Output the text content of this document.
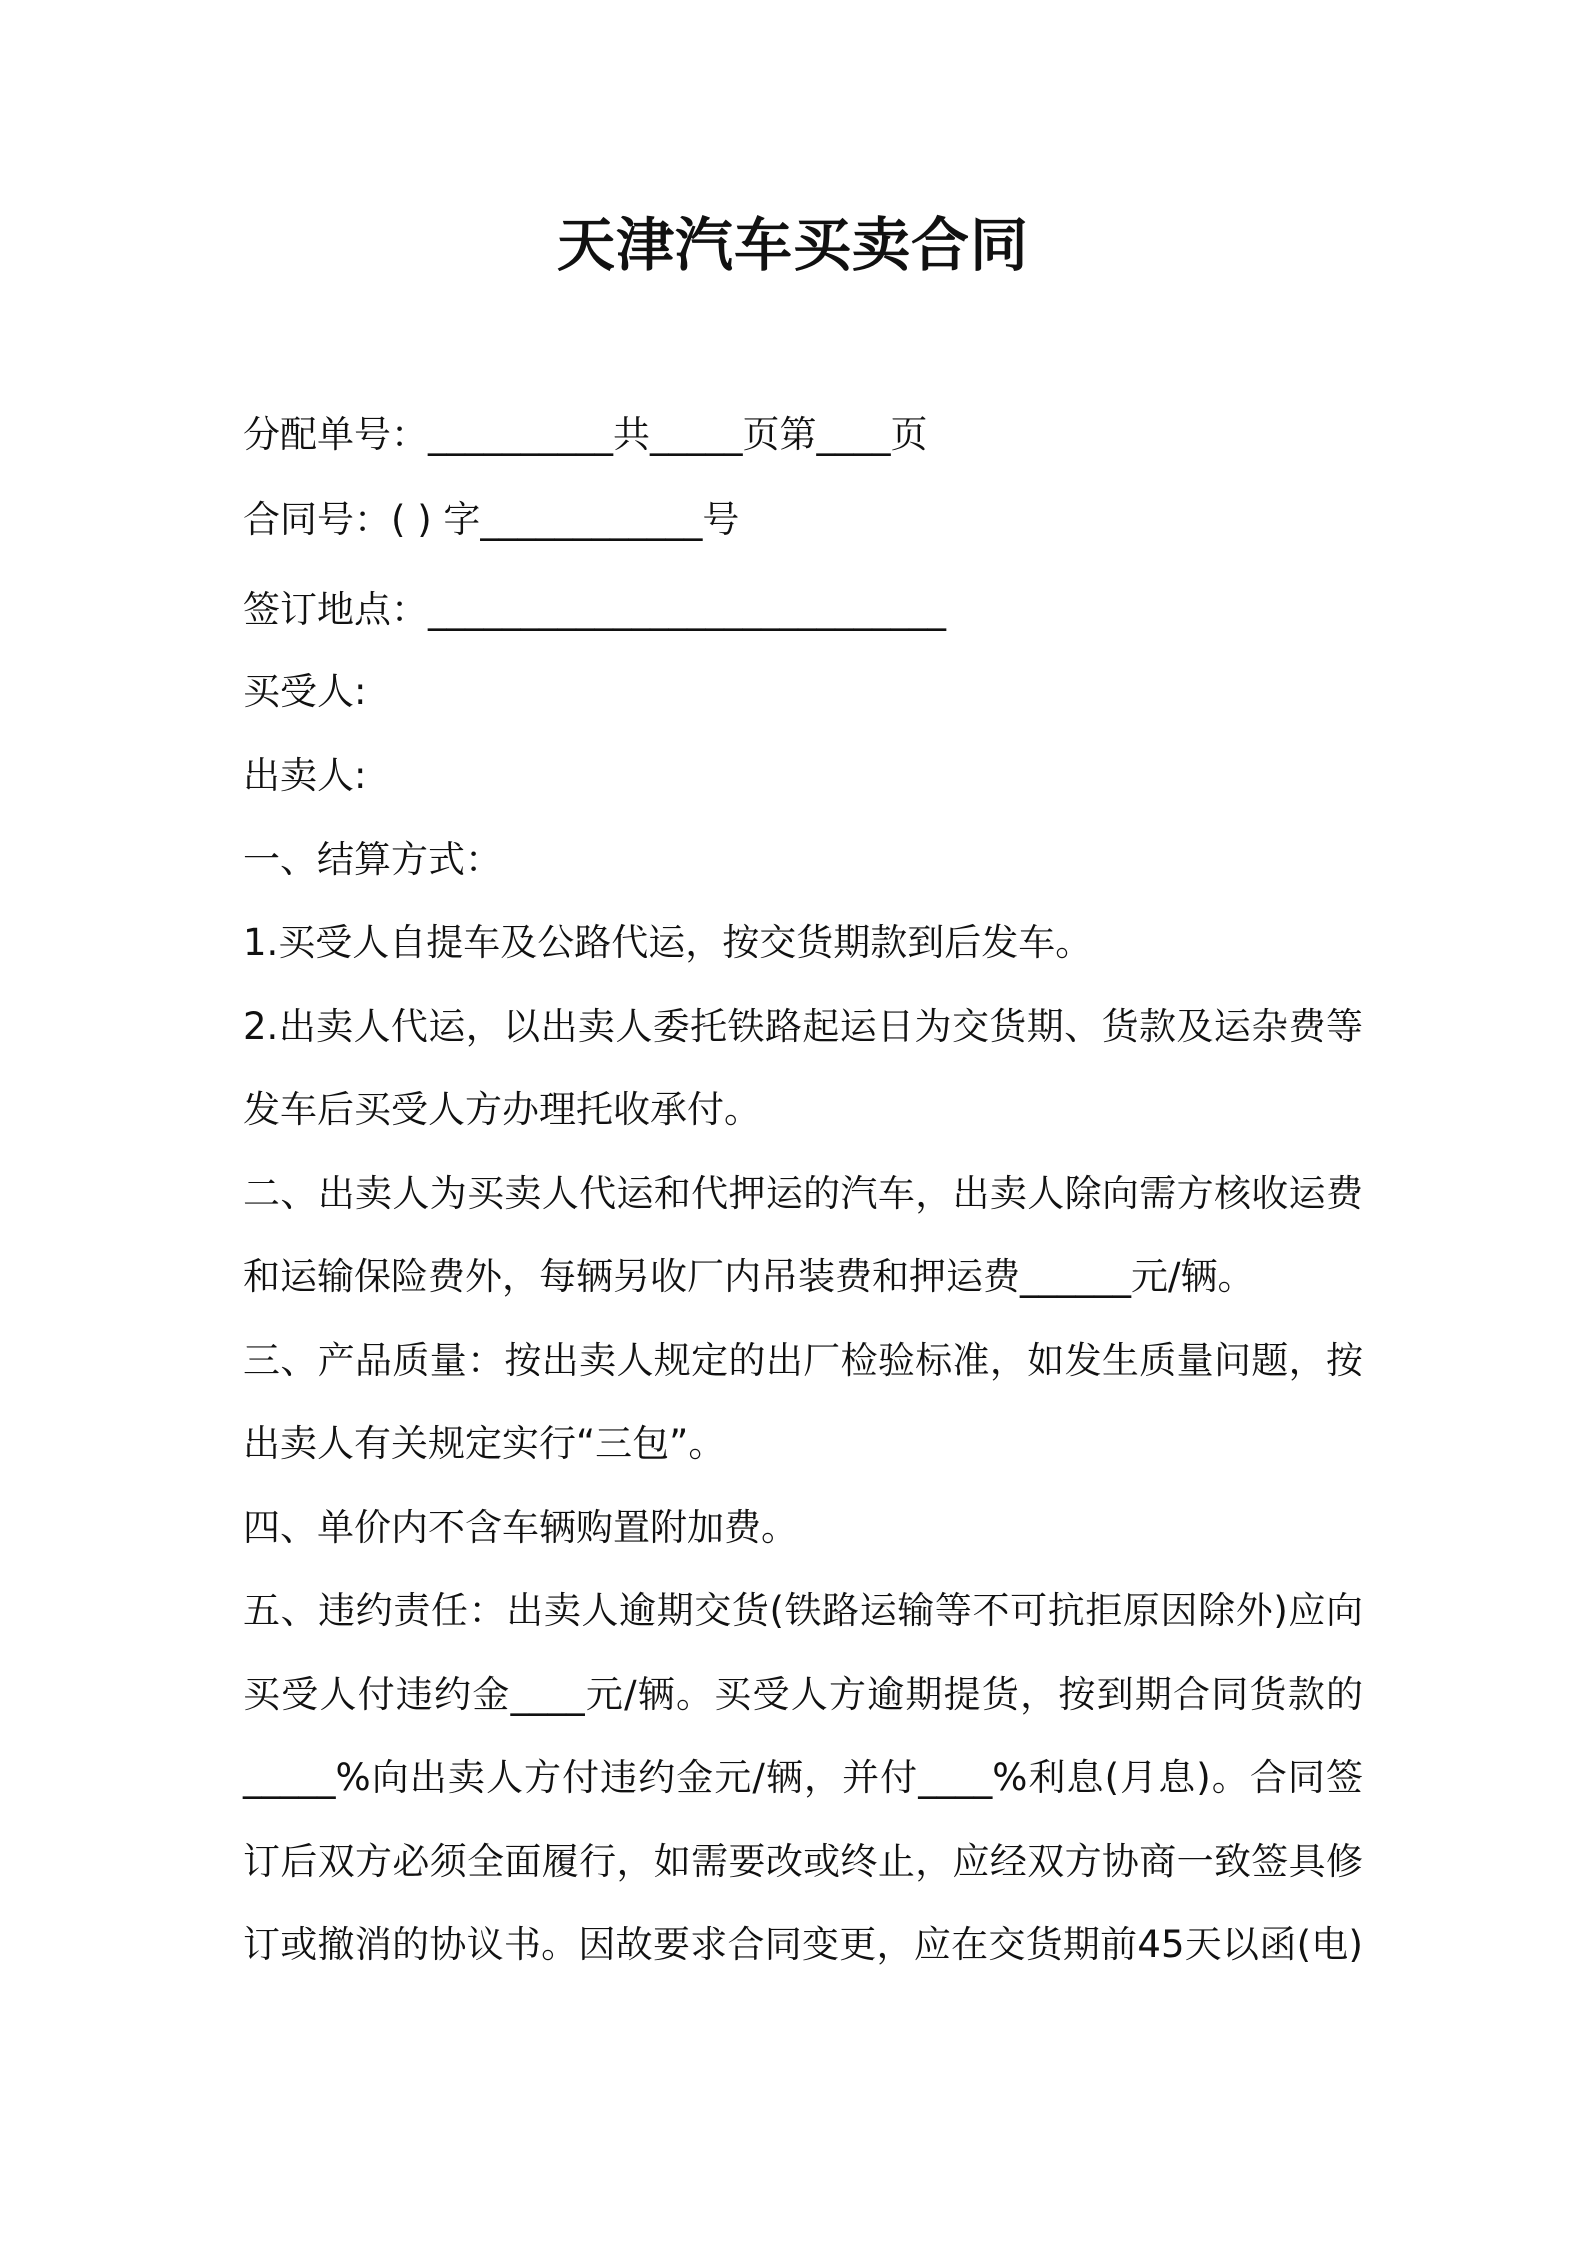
天津汽车买卖合同
分配单号：__________共_____页第____页
合同号：( ) 字____________号
签订地点：____________________________
买受人:
出卖人:
一、结算方式：
1.买受人自提车及公路代运，按交货期款到后发车。
2.出卖人代运，以出卖人委托铁路起运日为交货期、货款及运杂费等
发车后买受人方办理托收承付。
二、出卖人为买卖人代运和代押运的汽车，出卖人除向需方核收运费
和运输保险费外，每辆另收厂内吊装费和押运费______元/辆。
三、产品质量：按出卖人规定的出厂检验标准，如发生质量问题，按
出卖人有关规定实行“三包”。
四、单价内不含车辆购置附加费。
五、违约责任：出卖人逾期交货(铁路运输等不可抗拒原因除外)应向
买受人付违约金____元/辆。买受人方逾期提货，按到期合同货款的
_____%向出卖人方付违约金元/辆，并付____%利息(月息)。合同签
订后双方必须全面履行，如需要改或终止，应经双方协商一致签具修
订或撤消的协议书。因故要求合同变更，应在交货期前45天以函(电)
